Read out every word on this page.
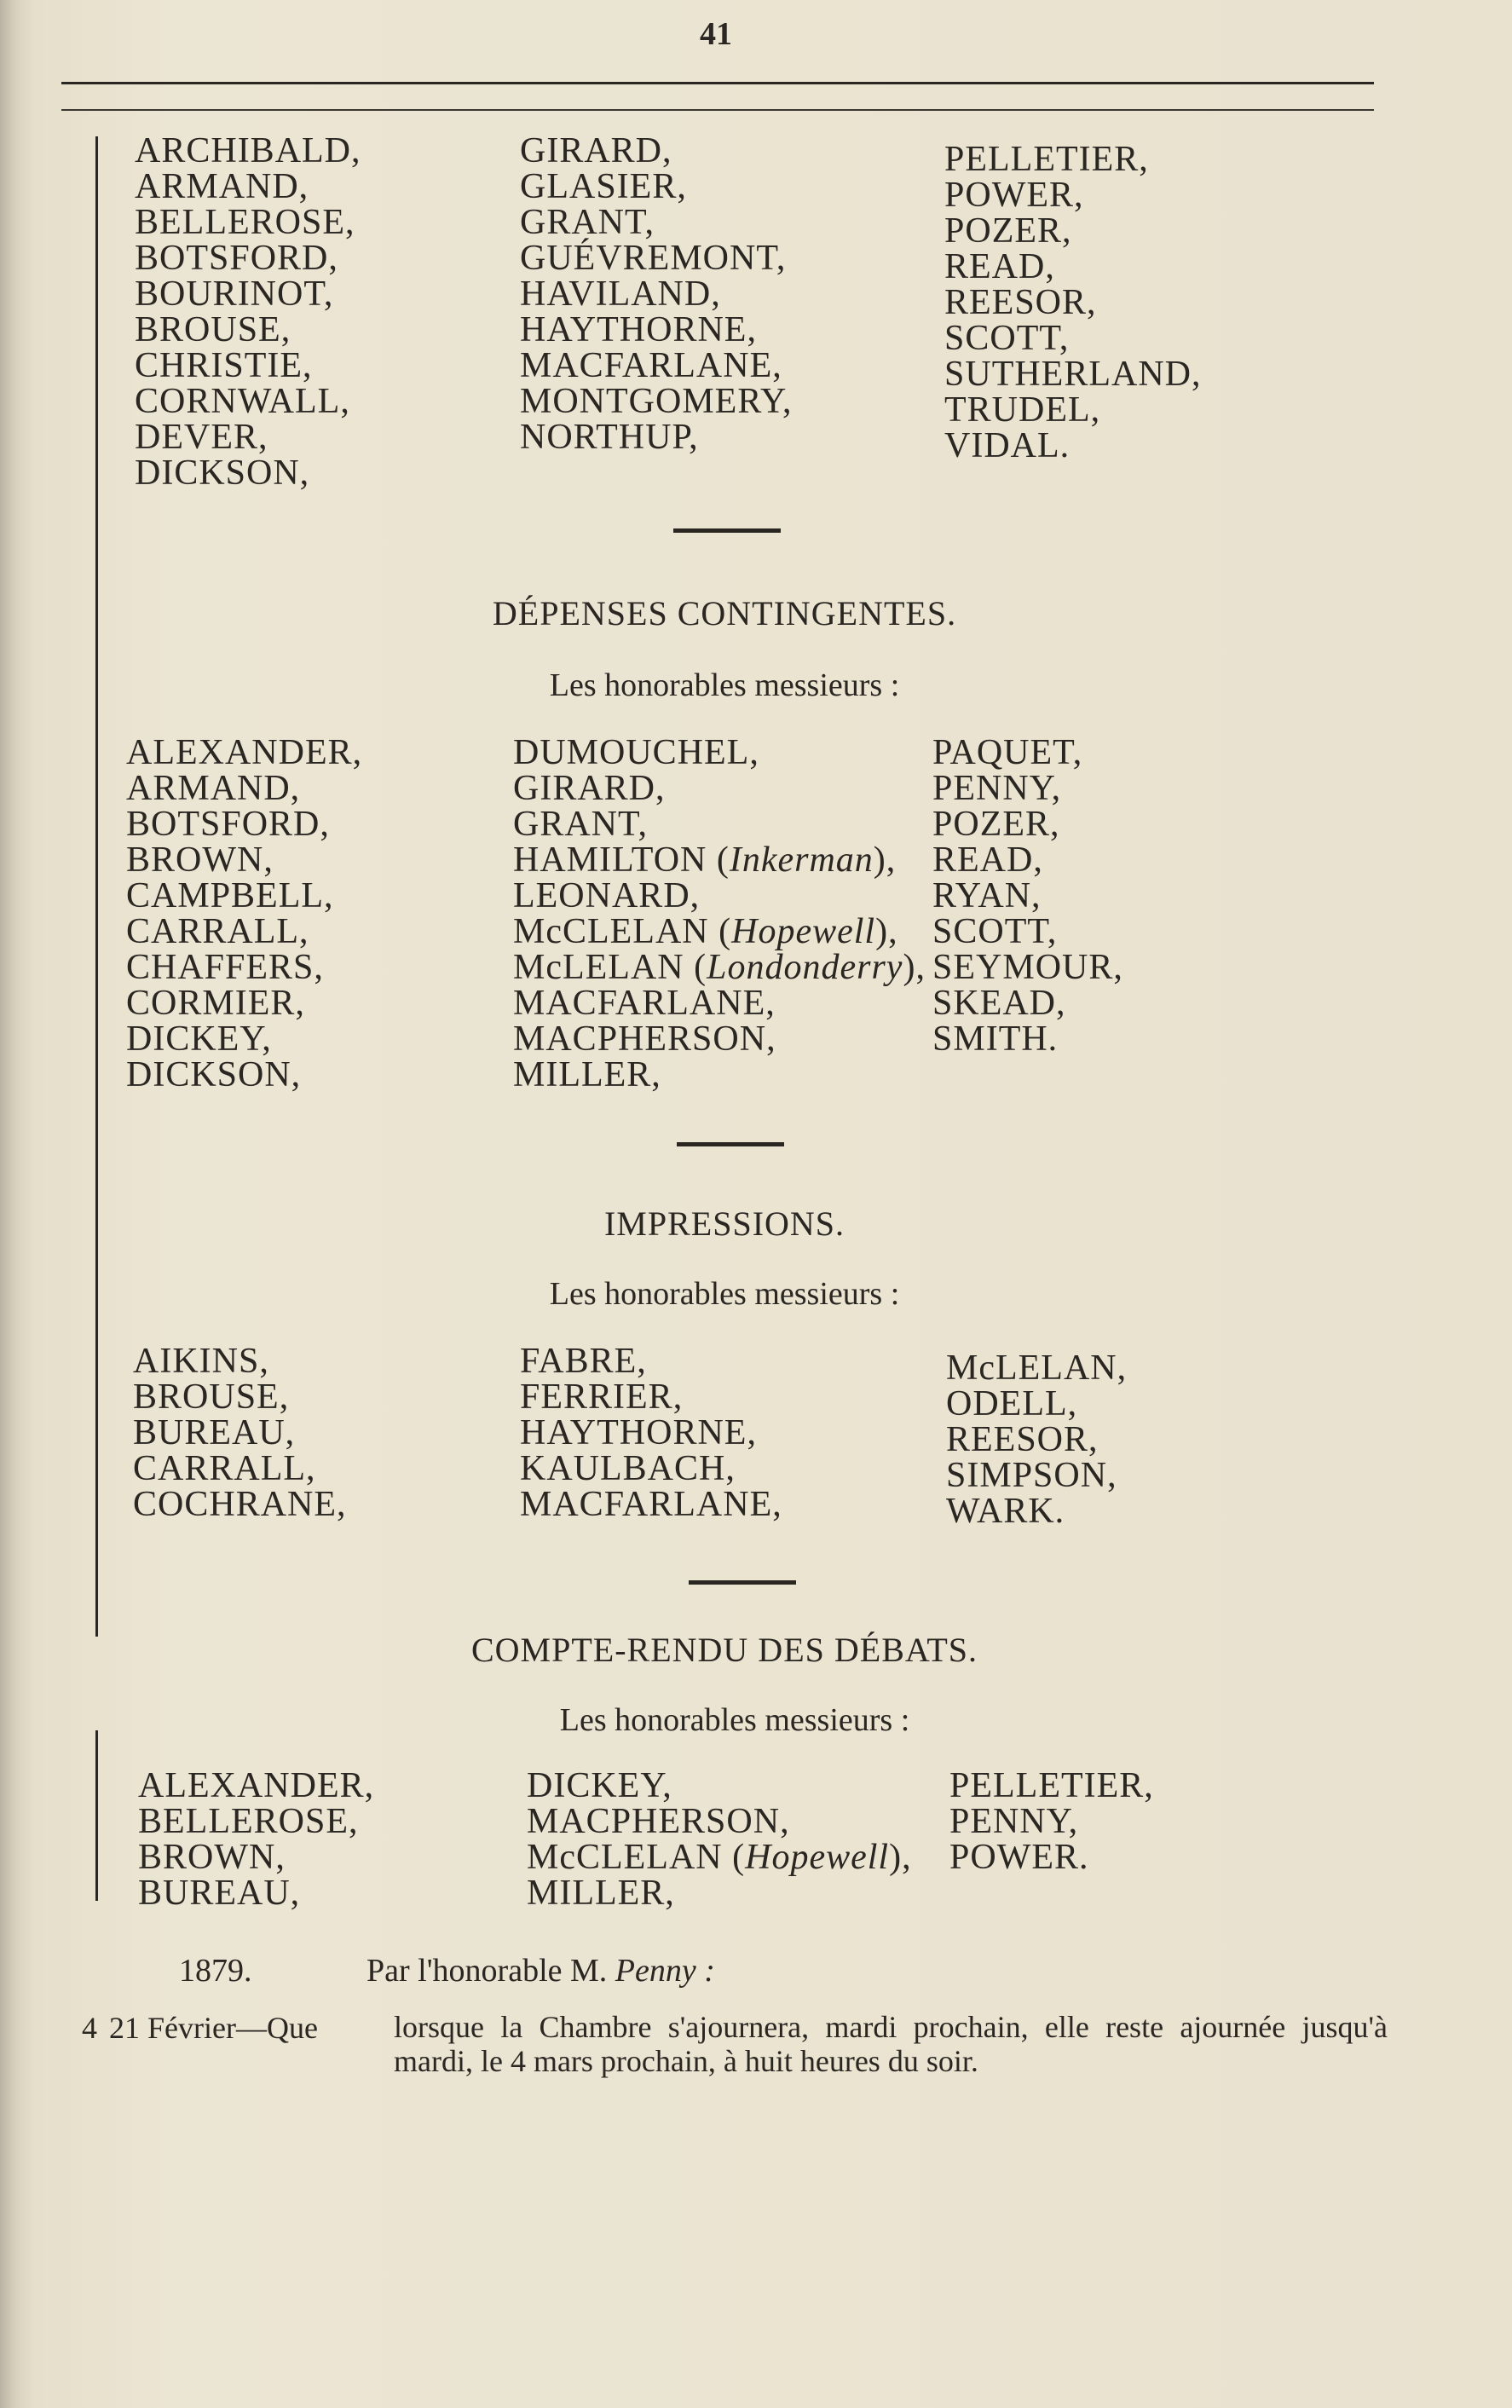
41
ARCHIBALD,
ARMAND,
BELLEROSE,
BOTSFORD,
BOURINOT,
BROUSE,
CHRISTIE,
CORNWALL,
DEVER,
DICKSON,
GIRARD,
GLASIER,
GRANT,
GUÉVREMONT,
HAVILAND,
HAYTHORNE,
MACFARLANE,
MONTGOMERY,
NORTHUP,
PELLETIER,
POWER,
POZER,
READ,
REESOR,
SCOTT,
SUTHERLAND,
TRUDEL,
VIDAL.
DÉPENSES CONTINGENTES.
Les honorables messieurs :
ALEXANDER,
ARMAND,
BOTSFORD,
BROWN,
CAMPBELL,
CARRALL,
CHAFFERS,
CORMIER,
DICKEY,
DICKSON,
DUMOUCHEL,
GIRARD,
GRANT,
HAMILTON (Inkerman),
LEONARD,
McCLELAN (Hopewell),
McLELAN (Londonderry),
MACFARLANE,
MACPHERSON,
MILLER,
PAQUET,
PENNY,
POZER,
READ,
RYAN,
SCOTT,
SEYMOUR,
SKEAD,
SMITH.
IMPRESSIONS.
Les honorables messieurs :
AIKINS,
BROUSE,
BUREAU,
CARRALL,
COCHRANE,
FABRE,
FERRIER,
HAYTHORNE,
KAULBACH,
MACFARLANE,
McLELAN,
ODELL,
REESOR,
SIMPSON,
WARK.
COMPTE-RENDU DES DÉBATS.
Les honorables messieurs :
ALEXANDER,
BELLEROSE,
BROWN,
BUREAU,
DICKEY,
MACPHERSON,
McCLELAN (Hopewell),
MILLER,
PELLETIER,
PENNY,
POWER.
1879.	Par l'honorable M. Penny :
4 21 Février—Que lorsque la Chambre s'ajournera, mardi prochain, elle reste ajournée jusqu'à mardi, le 4 mars prochain, à huit heures du soir.
